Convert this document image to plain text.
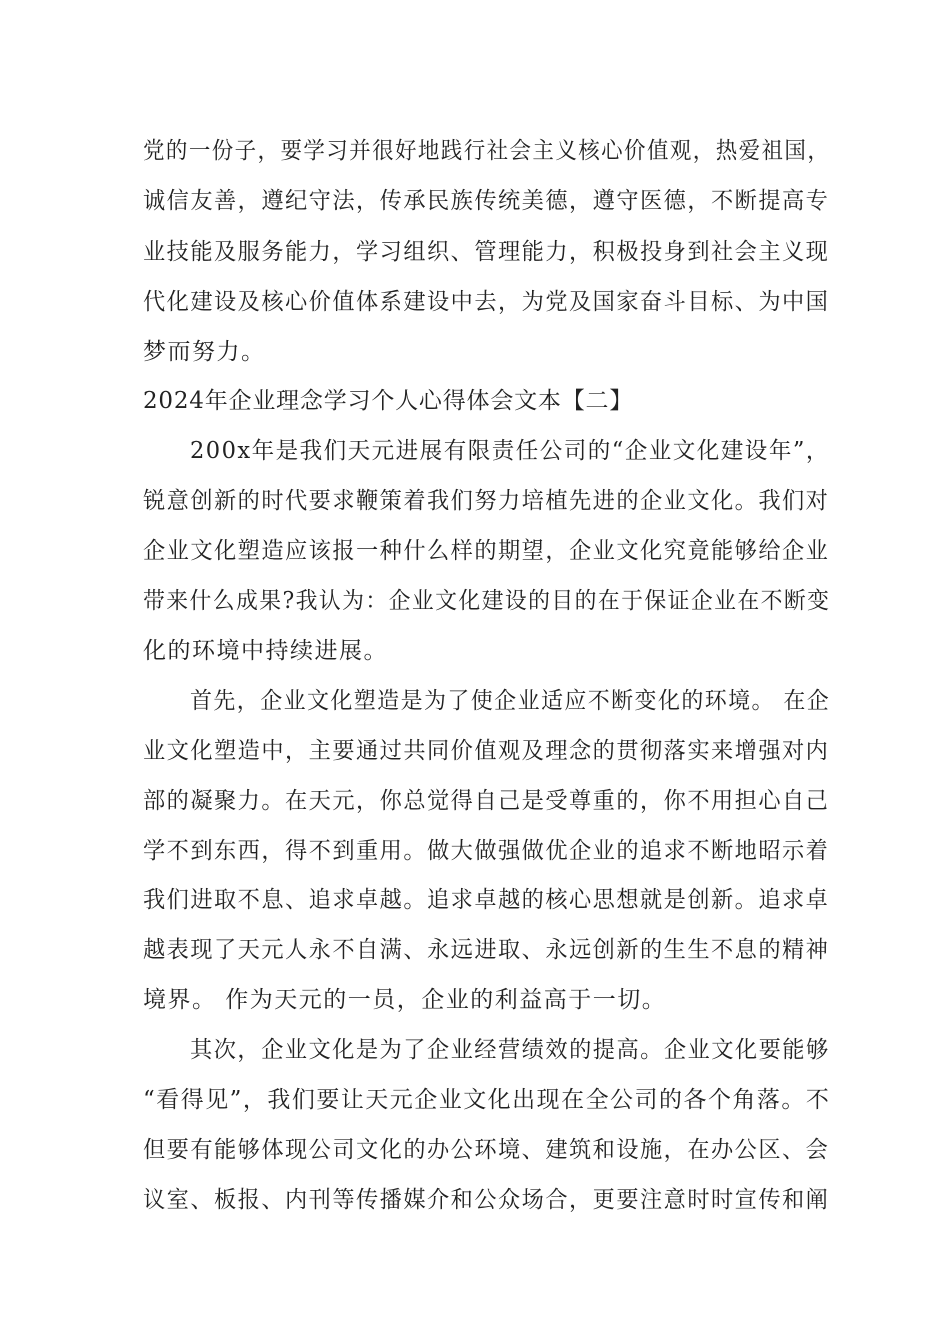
党的一份子，要学习并很好地践行社会主义核心价值观，热爱祖国，
诚信友善，遵纪守法，传承民族传统美德，遵守医德，不断提高专
业技能及服务能力，学习组织、管理能力，积极投身到社会主义现
代化建设及核心价值体系建设中去，为党及国家奋斗目标、为中国
梦而努力。
2024年企业理念学习个人心得体会文本【二】
200x年是我们天元进展有限责任公司的“企业文化建设年”，
锐意创新的时代要求鞭策着我们努力培植先进的企业文化。我们对
企业文化塑造应该报一种什么样的期望，企业文化究竟能够给企业
带来什么成果?我认为：企业文化建设的目的在于保证企业在不断变
化的环境中持续进展。
首先，企业文化塑造是为了使企业适应不断变化的环境。 在企
业文化塑造中，主要通过共同价值观及理念的贯彻落实来增强对内
部的凝聚力。在天元，你总觉得自己是受尊重的，你不用担心自己
学不到东西，得不到重用。做大做强做优企业的追求不断地昭示着
我们进取不息、追求卓越。追求卓越的核心思想就是创新。追求卓
越表现了天元人永不自满、永远进取、永远创新的生生不息的精神
境界。 作为天元的一员，企业的利益高于一切。
其次，企业文化是为了企业经营绩效的提高。企业文化要能够
“看得见”，我们要让天元企业文化出现在全公司的各个角落。不
但要有能够体现公司文化的办公环境、建筑和设施，在办公区、会
议室、板报、内刊等传播媒介和公众场合，更要注意时时宣传和阐
